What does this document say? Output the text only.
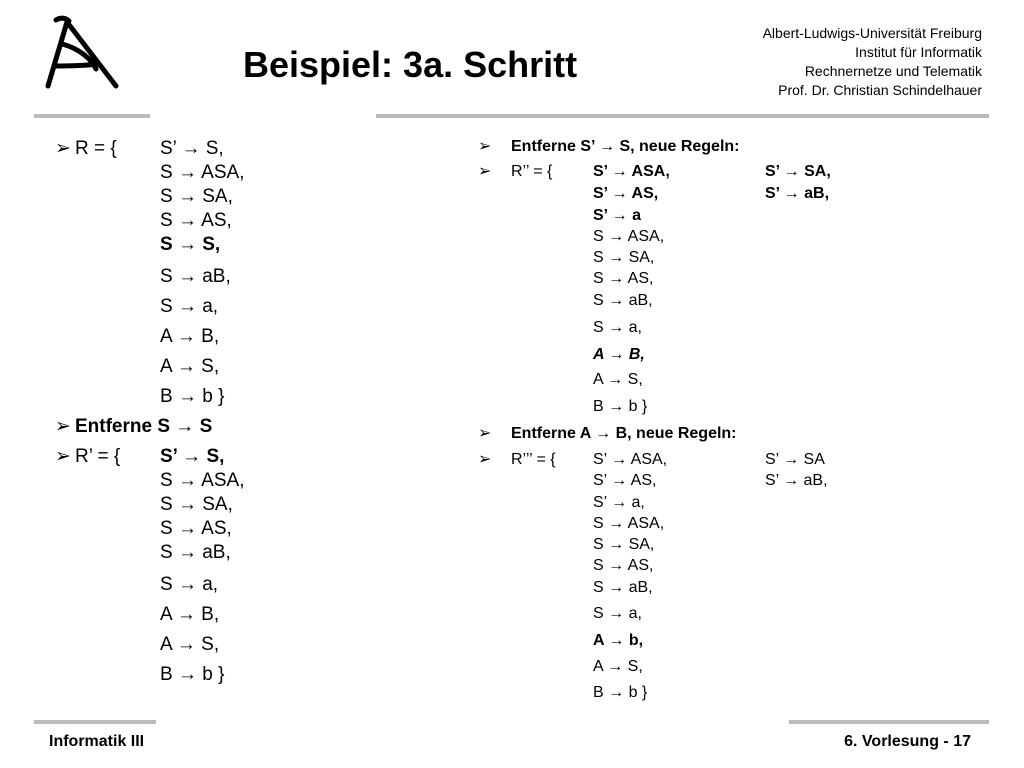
Beispiel: 3a. Schritt
Albert-Ludwigs-Universität Freiburg
Institut für Informatik
Rechnernetze und Telematik
Prof. Dr. Christian Schindelhauer
➢ R = { S’ → S,
S → ASA,
S → SA,
S → AS,
S → S,
S → aB,
S → a,
A → B,
A → S,
B → b }
➢ Entferne S → S
➢ R’ = { S’ → S,
S → ASA,
S → SA,
S → AS,
S → aB,
S → a,
A → B,
A → S,
B → b }
➢ Entferne S’ → S, neue Regeln:
➢ R’’ = {	S’ → ASA,	S’ → SA,
S’ → AS,	S’ → aB,
S’ → a
S → ASA,
S → SA,
S → AS,
S → aB,
S → a,
A → B,
A → S,
B → b }
➢ Entferne A → B, neue Regeln:
➢ R’’’ = { S’ → ASA,	S’ → SA
S’ → AS,	S’ → aB,
S’ → a,
S → ASA,
S → SA,
S → AS,
S → aB,
S → a,
A → b,
A → S,
B → b }
Informatik III	6. Vorlesung - 17
